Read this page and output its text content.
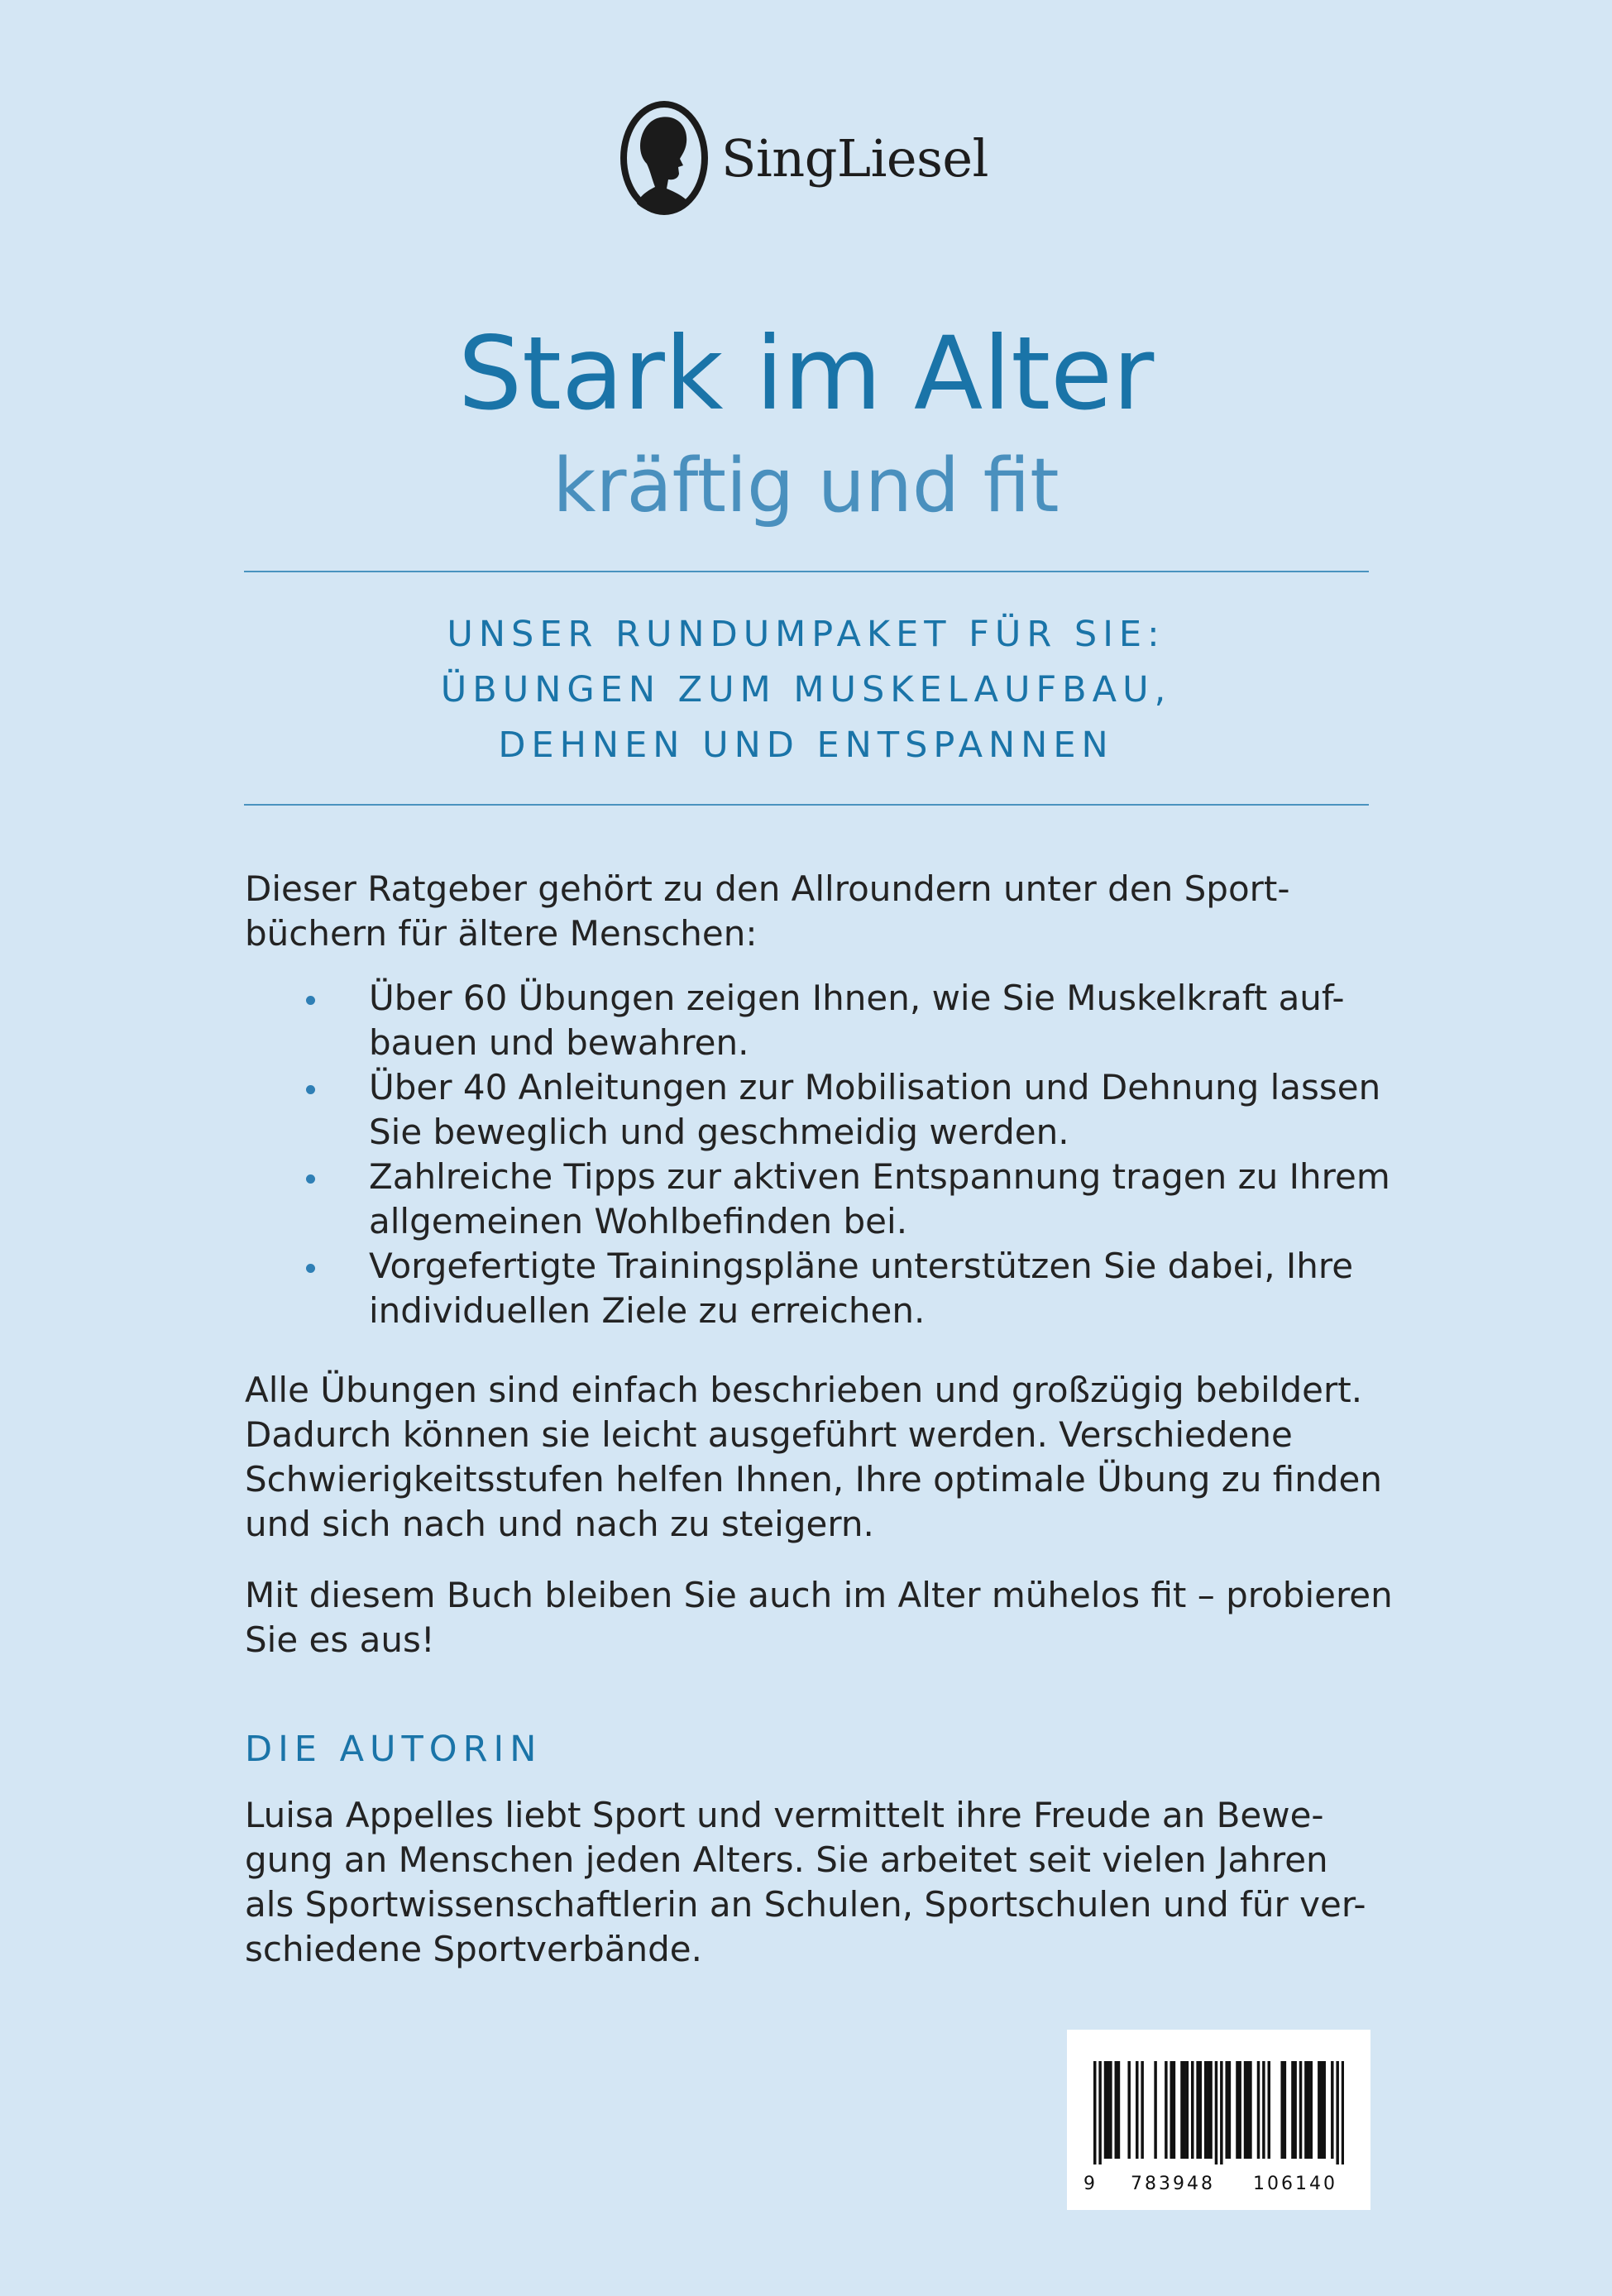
SingLiesel
Stark im Alter
kräftig und fit
UNSER RUNDUMPAKET FÜR SIE:
ÜBUNGEN ZUM MUSKELAUFBAU,
DEHNEN UND ENTSPANNEN
Dieser Ratgeber gehört zu den Allroundern unter den Sport-
büchern für ältere Menschen:
Über 60 Übungen zeigen Ihnen, wie Sie Muskelkraft auf-
bauen und bewahren.
Über 40 Anleitungen zur Mobilisation und Dehnung lassen
Sie beweglich und geschmeidig werden.
Zahlreiche Tipps zur aktiven Entspannung tragen zu Ihrem
allgemeinen Wohlbefinden bei.
Vorgefertigte Trainingspläne unterstützen Sie dabei, Ihre
individuellen Ziele zu erreichen.
Alle Übungen sind einfach beschrieben und großzügig bebildert.
Dadurch können sie leicht ausgeführt werden. Verschiedene
Schwierigkeitsstufen helfen Ihnen, Ihre optimale Übung zu finden
und sich nach und nach zu steigern.
Mit diesem Buch bleiben Sie auch im Alter mühelos fit – probieren
Sie es aus!
DIE AUTORIN
Luisa Appelles liebt Sport und vermittelt ihre Freude an Bewe-
gung an Menschen jeden Alters. Sie arbeitet seit vielen Jahren
als Sportwissenschaftlerin an Schulen, Sportschulen und für ver-
schiedene Sportverbände.
9	783948	106140
